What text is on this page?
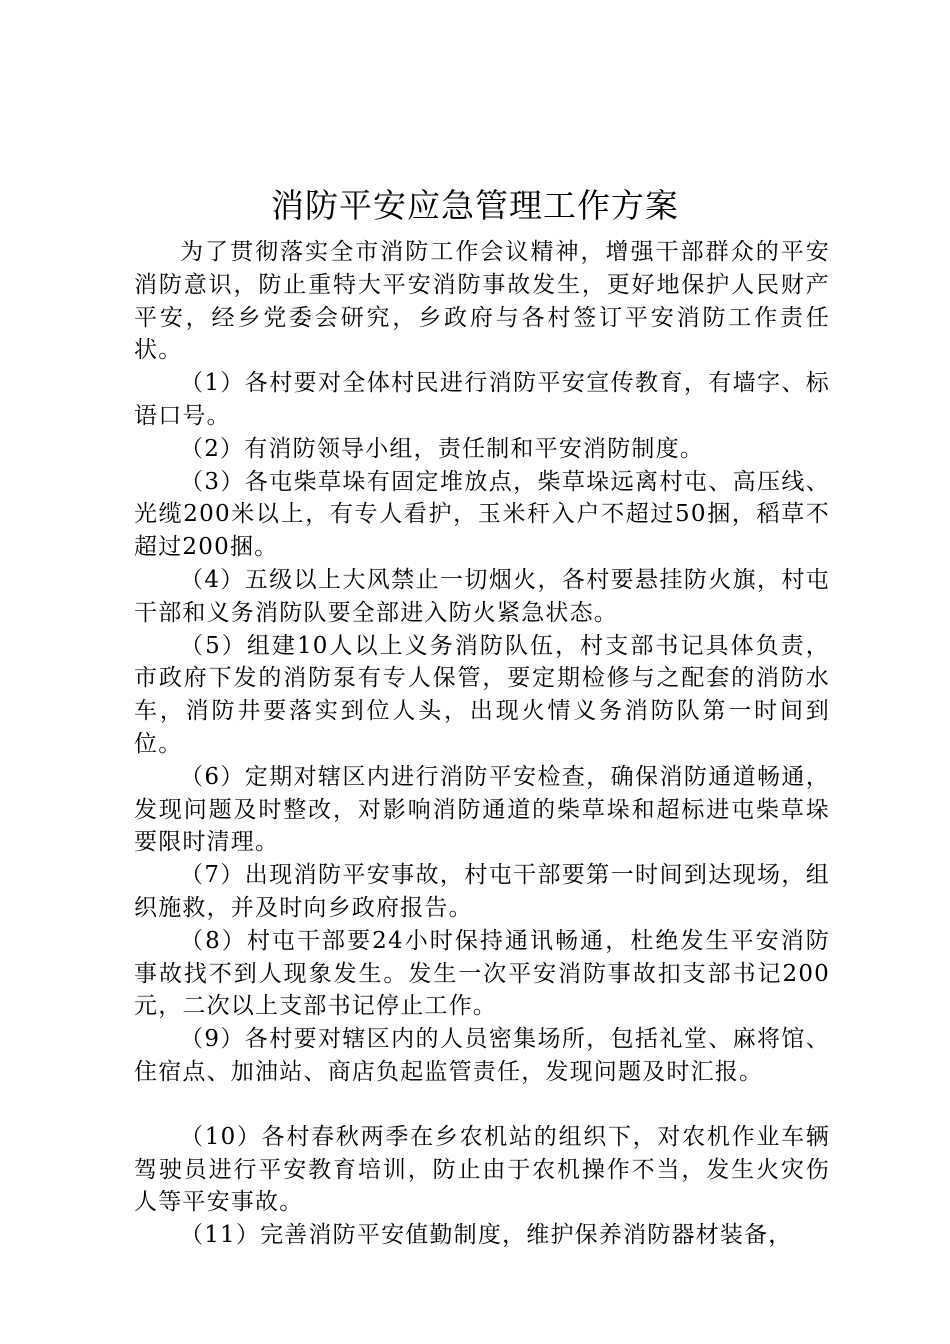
消防平安应急管理工作方案

为了贯彻落实全市消防工作会议精神，增强干部群众的平安消防意识，防止重特大平安消防事故发生，更好地保护人民财产平安，经乡党委会研究，乡政府与各村签订平安消防工作责任状。

（1）各村要对全体村民进行消防平安宣传教育，有墙字、标语口号。

（2）有消防领导小组，责任制和平安消防制度。

（3）各屯柴草垛有固定堆放点，柴草垛远离村屯、高压线、光缆200米以上，有专人看护，玉米秆入户不超过50捆，稻草不超过200捆。

（4）五级以上大风禁止一切烟火，各村要悬挂防火旗，村屯干部和义务消防队要全部进入防火紧急状态。

（5）组建10人以上义务消防队伍，村支部书记具体负责，市政府下发的消防泵有专人保管，要定期检修与之配套的消防水车，消防井要落实到位人头，出现火情义务消防队第一时间到位。

（6）定期对辖区内进行消防平安检查，确保消防通道畅通，发现问题及时整改，对影响消防通道的柴草垛和超标进屯柴草垛要限时清理。

（7）出现消防平安事故，村屯干部要第一时间到达现场，组织施救，并及时向乡政府报告。

（8）村屯干部要24小时保持通讯畅通，杜绝发生平安消防事故找不到人现象发生。发生一次平安消防事故扣支部书记200元，二次以上支部书记停止工作。

（9）各村要对辖区内的人员密集场所，包括礼堂、麻将馆、住宿点、加油站、商店负起监管责任，发现问题及时汇报。

（10）各村春秋两季在乡农机站的组织下，对农机作业车辆驾驶员进行平安教育培训，防止由于农机操作不当，发生火灾伤人等平安事故。

（11）完善消防平安值勤制度，维护保养消防器材装备，
